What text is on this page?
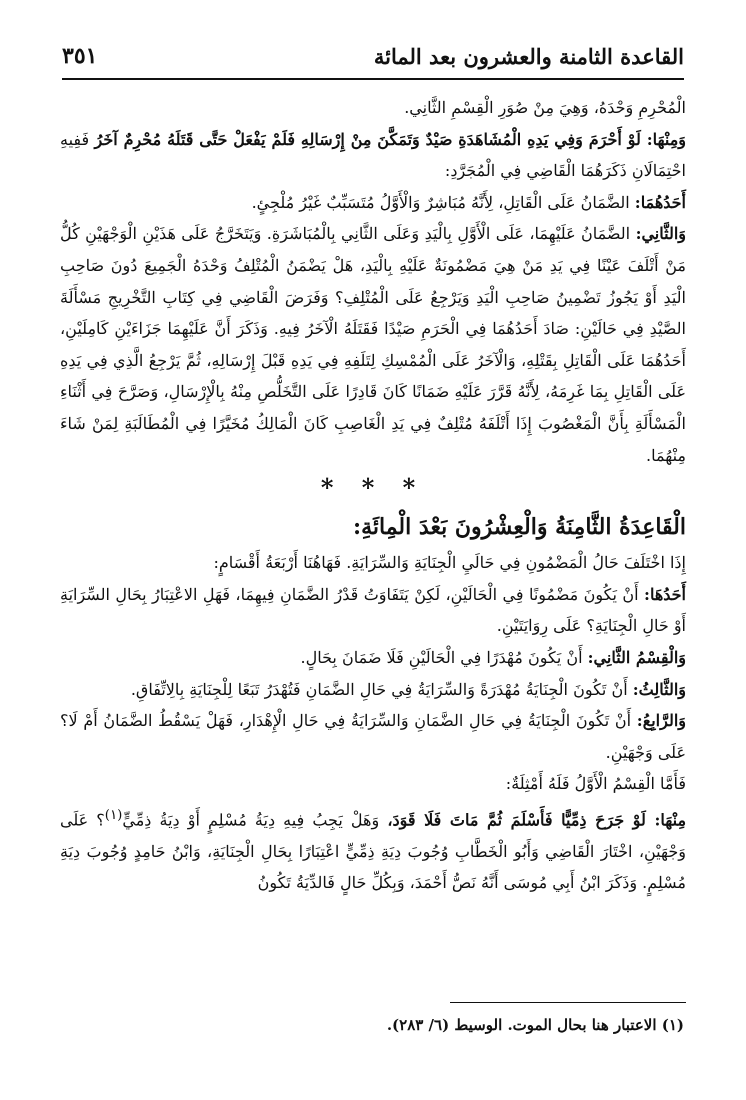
القاعدة الثامنة والعشرون بعد المائة
٣٥١

الْمُحْرِمِ وَحْدَهُ، وَهِيَ مِنْ صُوَرِ الْقِسْمِ الثَّانِي.

وَمِنْهَا: لَوْ أَحْرَمَ وَفِي يَدِهِ الْمُشَاهَدَةِ صَيْدٌ وَتَمَكَّنَ مِنْ إِرْسَالِهِ فَلَمْ يَفْعَلْ حَتَّى قَتَلَهُ مُحْرِمٌ آخَرُ فَفِيهِ احْتِمَالَانِ ذَكَرَهُمَا الْقَاضِي فِي الْمُجَرَّدِ:

أَحَدُهُمَا: الضَّمَانُ عَلَى الْقَاتِلِ، لِأَنَّهُ مُبَاشِرٌ وَالْأَوَّلُ مُتَسَبِّبٌ غَيْرُ مُلْجِئٍ.

وَالثَّانِي: الضَّمَانُ عَلَيْهِمَا، عَلَى الْأَوَّلِ بِالْيَدِ وَعَلَى الثَّانِي بِالْمُبَاشَرَةِ. وَيَتَخَرَّجُ عَلَى هَذَيْنِ الْوَجْهَيْنِ كُلُّ مَنْ أَتْلَفَ عَيْنًا فِي يَدِ مَنْ هِيَ مَضْمُونَةٌ عَلَيْهِ بِالْيَدِ، هَلْ يَضْمَنُ الْمُتْلِفُ وَحْدَهُ الْجَمِيعَ دُونَ صَاحِبِ الْيَدِ أَوْ يَجُوزُ تَضْمِينُ صَاحِبِ الْيَدِ وَيَرْجِعُ عَلَى الْمُتْلِفِ؟ وَفَرَضَ الْقَاضِي فِي كِتَابِ التَّخْرِيجِ مَسْأَلَةَ الصَّيْدِ فِي حَالَيْنِ: صَادَ أَحَدُهُمَا فِي الْحَرَمِ صَيْدًا فَقَتَلَهُ الْآخَرُ فِيهِ. وَذَكَرَ أَنَّ عَلَيْهِمَا جَزَاءَيْنِ كَامِلَيْنِ، أَحَدُهُمَا عَلَى الْقَاتِلِ بِقَتْلِهِ، وَالْآخَرُ عَلَى الْمُمْسِكِ لِتَلَفِهِ فِي يَدِهِ قَبْلَ إِرْسَالِهِ، ثُمَّ يَرْجِعُ الَّذِي فِي يَدِهِ عَلَى الْقَاتِلِ بِمَا غَرِمَهُ، لِأَنَّهُ قَرَّرَ عَلَيْهِ ضَمَانًا كَانَ قَادِرًا عَلَى التَّخَلُّصِ مِنْهُ بِالْإِرْسَالِ، وَصَرَّحَ فِي أَثْنَاءِ الْمَسْأَلَةِ بِأَنَّ الْمَغْصُوبَ إِذَا أَتْلَفَهُ مُتْلِفٌ فِي يَدِ الْغَاصِبِ كَانَ الْمَالِكُ مُخَيَّرًا فِي الْمُطَالَبَةِ لِمَنْ شَاءَ مِنْهُمَا.

* * *
الْقَاعِدَةُ الثَّامِنَةُ وَالْعِشْرُونَ بَعْدَ الْمِائَةِ:

إِذَا اخْتَلَفَ حَالُ الْمَضْمُونِ فِي حَالَيِ الْجِنَايَةِ وَالسِّرَايَةِ. فَهَاهُنَا أَرْبَعَةُ أَقْسَامٍ:

أَحَدُهَا: أَنْ يَكُونَ مَضْمُونًا فِي الْحَالَيْنِ، لَكِنْ يَتَفَاوَتُ قَدْرُ الضَّمَانِ فِيهِمَا، فَهَلِ الاعْتِبَارُ بِحَالِ السِّرَايَةِ أَوْ حَالِ الْجِنَايَةِ؟ عَلَى رِوَايَتَيْنِ.

وَالْقِسْمُ الثَّانِي: أَنْ يَكُونَ مُهْدَرًا فِي الْحَالَيْنِ فَلَا ضَمَانَ بِحَالٍ.

وَالثَّالِثُ: أَنْ تَكُونَ الْجِنَايَةُ مُهْدَرَةً وَالسِّرَايَةُ فِي حَالِ الضَّمَانِ فَتُهْدَرُ تَبَعًا لِلْجِنَايَةِ بِالِاتِّفَاقِ.

وَالرَّابِعُ: أَنْ تَكُونَ الْجِنَايَةُ فِي حَالِ الضَّمَانِ وَالسِّرَايَةُ فِي حَالِ الْإِهْدَارِ، فَهَلْ يَسْقُطُ الضَّمَانُ أَمْ لَا؟ عَلَى وَجْهَيْنِ.

فَأَمَّا الْقِسْمُ الْأَوَّلُ فَلَهُ أَمْثِلَةٌ:

مِنْهَا: لَوْ جَرَحَ ذِمِّيًّا فَأَسْلَمَ ثُمَّ مَاتَ فَلَا قَوَدَ، وَهَلْ يَجِبُ فِيهِ دِيَةُ مُسْلِمٍ أَوْ دِيَةُ ذِمِّيٍّ$^{(١)}$؟ عَلَى وَجْهَيْنِ، اخْتَارَ الْقَاضِي وَأَبُو الْخَطَّابِ وُجُوبَ دِيَةِ ذِمِّيٍّ اعْتِبَارًا بِحَالِ الْجِنَايَةِ، وَابْنُ حَامِدٍ وُجُوبَ دِيَةِ مُسْلِمٍ. وَذَكَرَ ابْنُ أَبِي مُوسَى أَنَّهُ نَصُّ أَحْمَدَ، وَبِكُلِّ حَالٍ فَالدِّيَةُ تَكُونُ

(١) الاعتبار هنا بحال الموت. الوسيط (٦/ ٢٨٣).
